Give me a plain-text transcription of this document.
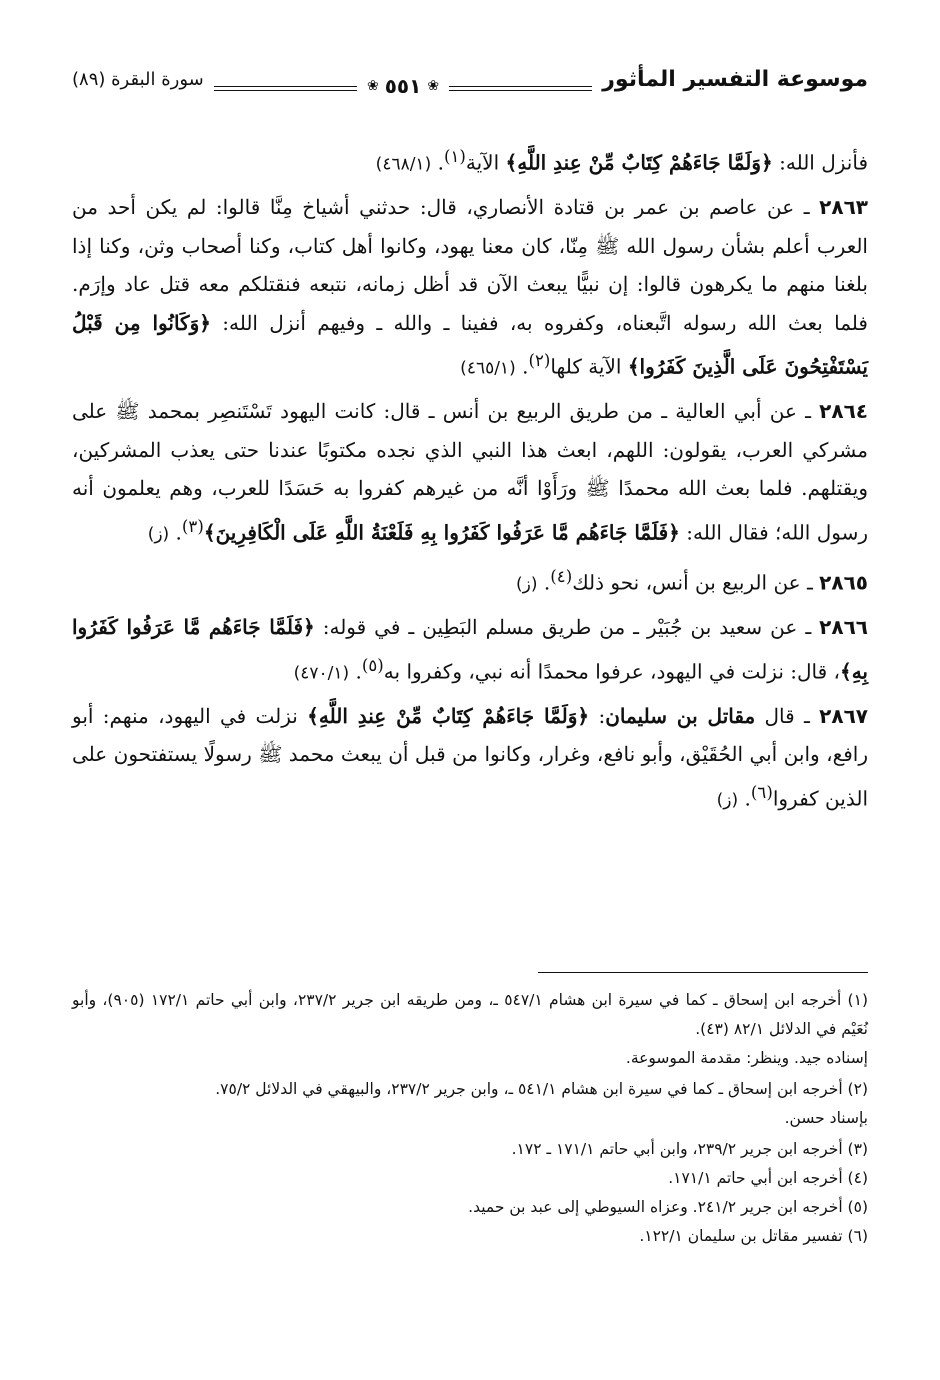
موسوعة التفسير المأثور
❀
٥٥١
❀
سورة البقرة (٨٩)

فأنزل الله: ﴿وَلَمَّا جَاءَهُمْ كِتَابٌ مِّنْ عِندِ اللَّهِ﴾ الآية$^{(١)}$. (٤٦٨/١)

٢٨٦٣ ـ عن عاصم بن عمر بن قتادة الأنصاري، قال: حدثني أشياخ مِنَّا قالوا: لم يكن أحد من العرب أعلم بشأن رسول الله ﷺ مِنّا، كان معنا يهود، وكانوا أهل كتاب، وكنا أصحاب وثن، وكنا إذا بلغنا منهم ما يكرهون قالوا: إن نبيًّا يبعث الآن قد أظل زمانه، نتبعه فنقتلكم معه قتل عاد وإرَم. فلما بعث الله رسوله اتَّبعناه، وكفروه به، ففينا ـ والله ـ وفيهم أنزل الله: ﴿وَكَانُوا مِن قَبْلُ يَسْتَفْتِحُونَ عَلَى الَّذِينَ كَفَرُوا﴾ الآية كلها$^{(٢)}$. (٤٦٥/١)

٢٨٦٤ ـ عن أبي العالية ـ من طريق الربيع بن أنس ـ قال: كانت اليهود تَسْتَنصِر بمحمد ﷺ على مشركي العرب، يقولون: اللهم، ابعث هذا النبي الذي نجده مكتوبًا عندنا حتى يعذب المشركين، ويقتلهم. فلما بعث الله محمدًا ﷺ ورَأَوْا أنَّه من غيرهم كفروا به حَسَدًا للعرب، وهم يعلمون أنه رسول الله؛ فقال الله: ﴿فَلَمَّا جَاءَهُم مَّا عَرَفُوا كَفَرُوا بِهِ فَلَعْنَةُ اللَّهِ عَلَى الْكَافِرِينَ﴾$^{(٣)}$. (ز)

٢٨٦٥ ـ عن الربيع بن أنس، نحو ذلك$^{(٤)}$. (ز)

٢٨٦٦ ـ عن سعيد بن جُبَيْر ـ من طريق مسلم البَطِين ـ في قوله: ﴿فَلَمَّا جَاءَهُم مَّا عَرَفُوا كَفَرُوا بِهِ﴾، قال: نزلت في اليهود، عرفوا محمدًا أنه نبي، وكفروا به$^{(٥)}$. (٤٧٠/١)

٢٨٦٧ ـ قال مقاتل بن سليمان: ﴿وَلَمَّا جَاءَهُمْ كِتَابٌ مِّنْ عِندِ اللَّهِ﴾ نزلت في اليهود، منهم: أبو رافع، وابن أبي الحُقَيْق، وأبو نافع، وغرار، وكانوا من قبل أن يبعث محمد ﷺ رسولًا يستفتحون على الذين كفروا$^{(٦)}$. (ز)

(١) أخرجه ابن إسحاق ـ كما في سيرة ابن هشام ٥٤٧/١ ـ، ومن طريقه ابن جرير ٢٣٧/٢، وابن أبي حاتم ١٧٢/١ (٩٠٥)، وأبو نُعَيْم في الدلائل ٨٢/١ (٤٣).

إسناده جيد. وينظر: مقدمة الموسوعة.

(٢) أخرجه ابن إسحاق ـ كما في سيرة ابن هشام ٥٤١/١ ـ، وابن جرير ٢٣٧/٢، والبيهقي في الدلائل ٧٥/٢.

بإسناد حسن.

(٣) أخرجه ابن جرير ٢٣٩/٢، وابن أبي حاتم ١٧١/١ ـ ١٧٢.

(٤) أخرجه ابن أبي حاتم ١٧١/١.

(٥) أخرجه ابن جرير ٢٤١/٢. وعزاه السيوطي إلى عبد بن حميد.

(٦) تفسير مقاتل بن سليمان ١٢٢/١.
